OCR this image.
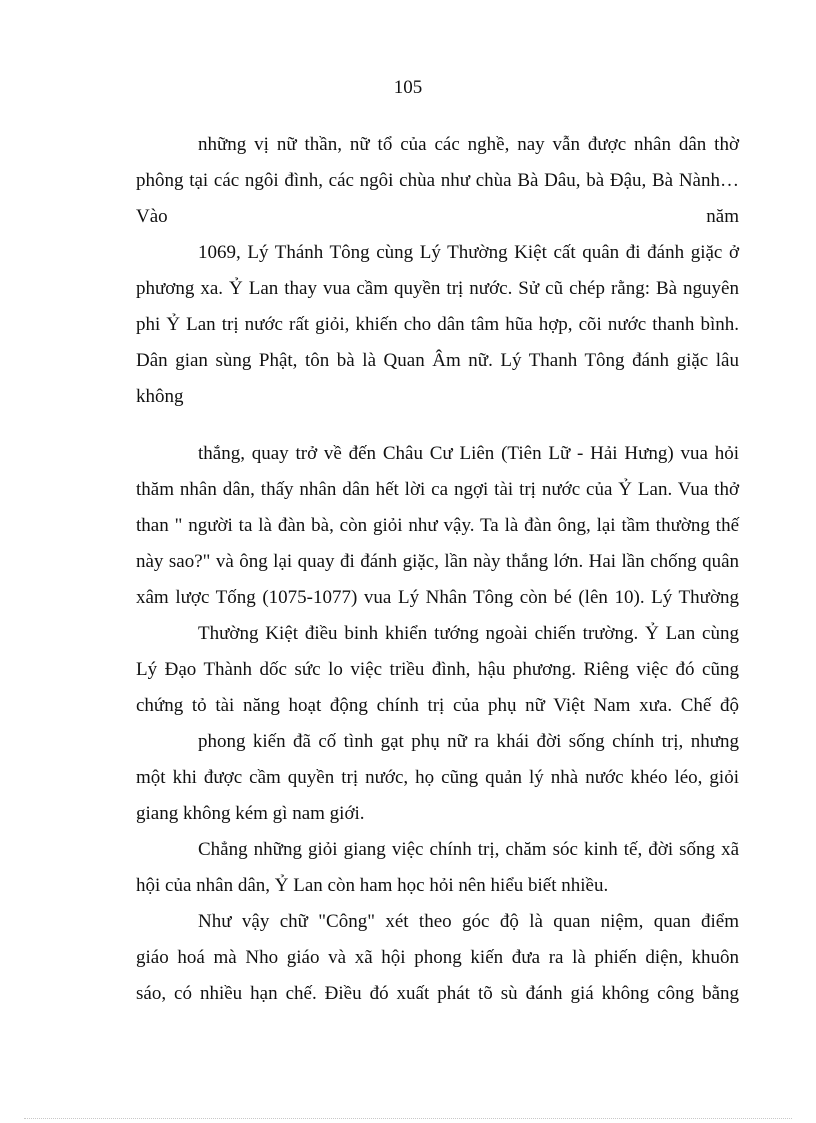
105
những vị nữ thần, nữ tổ của các nghề, nay vẫn được nhân dân thờ
phông tại các ngôi đình, các ngôi chùa như chùa Bà Dâu, bà Đậu, Bà Nành…
Vào	năm
1069, Lý Thánh Tông cùng Lý Thường Kiệt cất quân đi đánh giặc ở
phương xa. Ỷ Lan thay vua cầm quyền trị nước. Sử cũ chép rằng: Bà nguyên
phi Ỷ Lan trị nước rất giỏi, khiến cho dân tâm hũa hợp, cõi nước thanh bình.
Dân gian sùng Phật, tôn bà là Quan Âm nữ. Lý Thanh Tông đánh giặc lâu
không
thắng, quay trở về đến Châu Cư Liên (Tiên Lữ - Hải Hưng) vua hỏi
thăm nhân dân, thấy nhân dân hết lời ca ngợi tài trị nước của Ỷ Lan. Vua thở
than " người ta là đàn bà, còn giỏi như vậy. Ta là đàn ông, lại tầm thường thế
này sao?" và ông lại quay đi đánh giặc, lần này thắng lớn. Hai lần chống quân
xâm lược Tống (1075-1077) vua Lý Nhân Tông còn bé (lên 10). Lý Thường
Thường Kiệt điều binh khiển tướng ngoài chiến trường. Ỷ Lan cùng
Lý Đạo Thành dốc sức lo việc triều đình, hậu phương. Riêng việc đó cũng
chứng tỏ tài năng hoạt động chính trị của phụ nữ Việt Nam xưa. Chế độ
phong kiến đã cố tình gạt phụ nữ ra khái đời sống chính trị, nhưng
một khi được cầm quyền trị nước, họ cũng quản lý nhà nước khéo léo, giỏi
giang không kém gì nam giới.
Chẳng những giỏi giang việc chính trị, chăm sóc kinh tế, đời sống xã
hội của nhân dân, Ỷ Lan còn ham học hỏi nên hiểu biết nhiều.
Như vậy chữ "Công" xét theo góc độ là quan niệm, quan điểm
giáo hoá mà Nho giáo và xã hội phong kiến đưa ra là phiến diện, khuôn
sáo, có nhiều hạn chế. Điều đó xuất phát tõ sù đánh giá không công bằng
